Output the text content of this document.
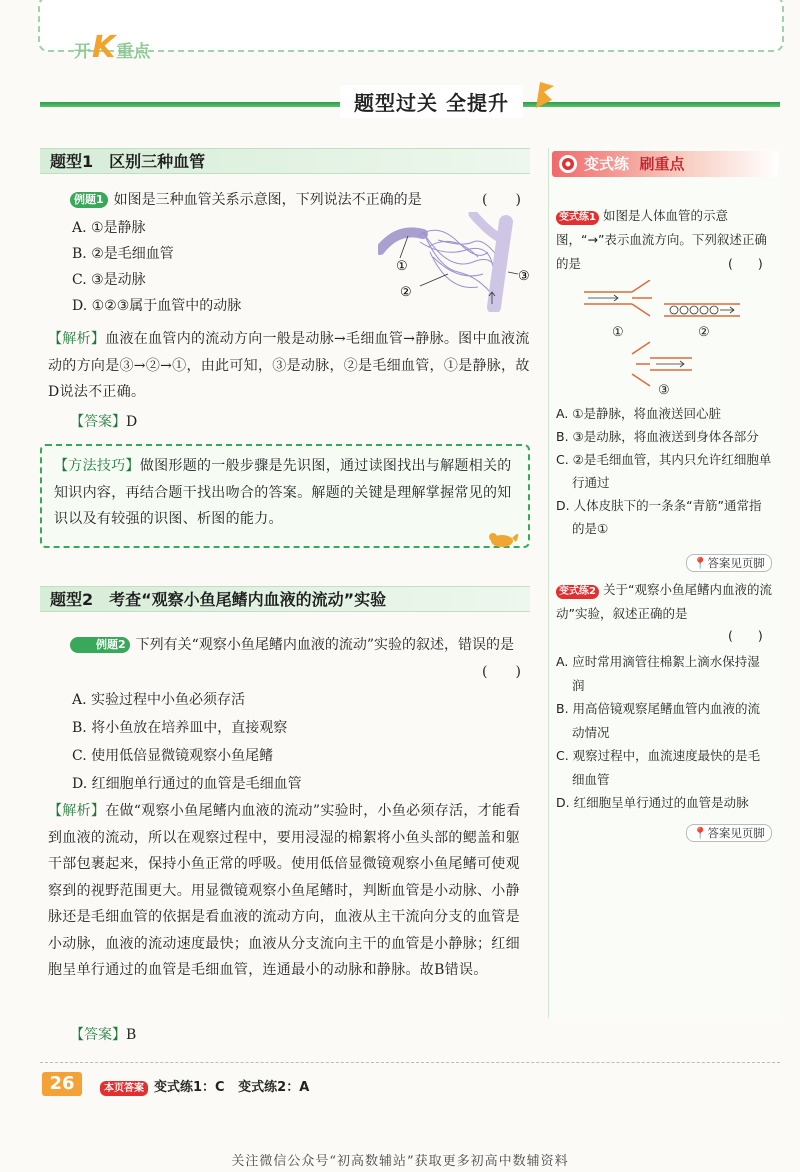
开K重点
题型过关 全提升
题型1　区别三种血管
例题1 如图是三种血管关系示意图，下列说法不正确的是	(　　)
A. ①是静脉
B. ②是毛细血管
C. ③是动脉
D. ①②③属于血管中的动脉
①
②
③
【解析】血液在血管内的流动方向一般是动脉→毛细血管→静脉。图中血液流动的方向是③→②→①，由此可知，③是动脉，②是毛细血管，①是静脉，故D说法不正确。
【答案】D
【方法技巧】做图形题的一般步骤是先识图，通过读图找出与解题相关的知识内容，再结合题干找出吻合的答案。解题的关键是理解掌握常见的知识以及有较强的识图、析图的能力。
题型2　考查“观察小鱼尾鳍内血液的流动”实验
例题2 下列有关“观察小鱼尾鳍内血液的流动”实验的叙述，错误的是
(　　)
A. 实验过程中小鱼必须存活
B. 将小鱼放在培养皿中，直接观察
C. 使用低倍显微镜观察小鱼尾鳍
D. 红细胞单行通过的血管是毛细血管
【解析】在做“观察小鱼尾鳍内血液的流动”实验时，小鱼必须存活，才能看到血液的流动，所以在观察过程中，要用浸湿的棉絮将小鱼头部的鳃盖和躯干部包裹起来，保持小鱼正常的呼吸。使用低倍显微镜观察小鱼尾鳍可使观察到的视野范围更大。用显微镜观察小鱼尾鳍时，判断血管是小动脉、小静脉还是毛细血管的依据是看血液的流动方向，血液从主干流向分支的血管是小动脉，血液的流动速度最快；血液从分支流向主干的血管是小静脉；红细胞呈单行通过的血管是毛细血管，连通最小的动脉和静脉。故B错误。
【答案】B
变式练 刷重点
变式练1 如图是人体血管的示意图，“→”表示血流方向。下列叙述正确的是	(　　)
①	②
③
A. ①是静脉，将血液送回心脏
B. ③是动脉，将血液送到身体各部分
C. ②是毛细血管，其内只允许红细胞单行通过
D. 人体皮肤下的一条条“青筋”通常指的是①
📍答案见页脚
变式练2 关于“观察小鱼尾鳍内血液的流动”实验，叙述正确的是
(　　)
A. 应时常用滴管往棉絮上滴水保持湿润
B. 用高倍镜观察尾鳍血管内血液的流动情况
C. 观察过程中，血流速度最快的是毛细血管
D. 红细胞呈单行通过的血管是动脉
📍答案见页脚
26	本页答案 变式练1：C 变式练2：A
关注微信公众号“初高数辅站”获取更多初高中数辅资料
